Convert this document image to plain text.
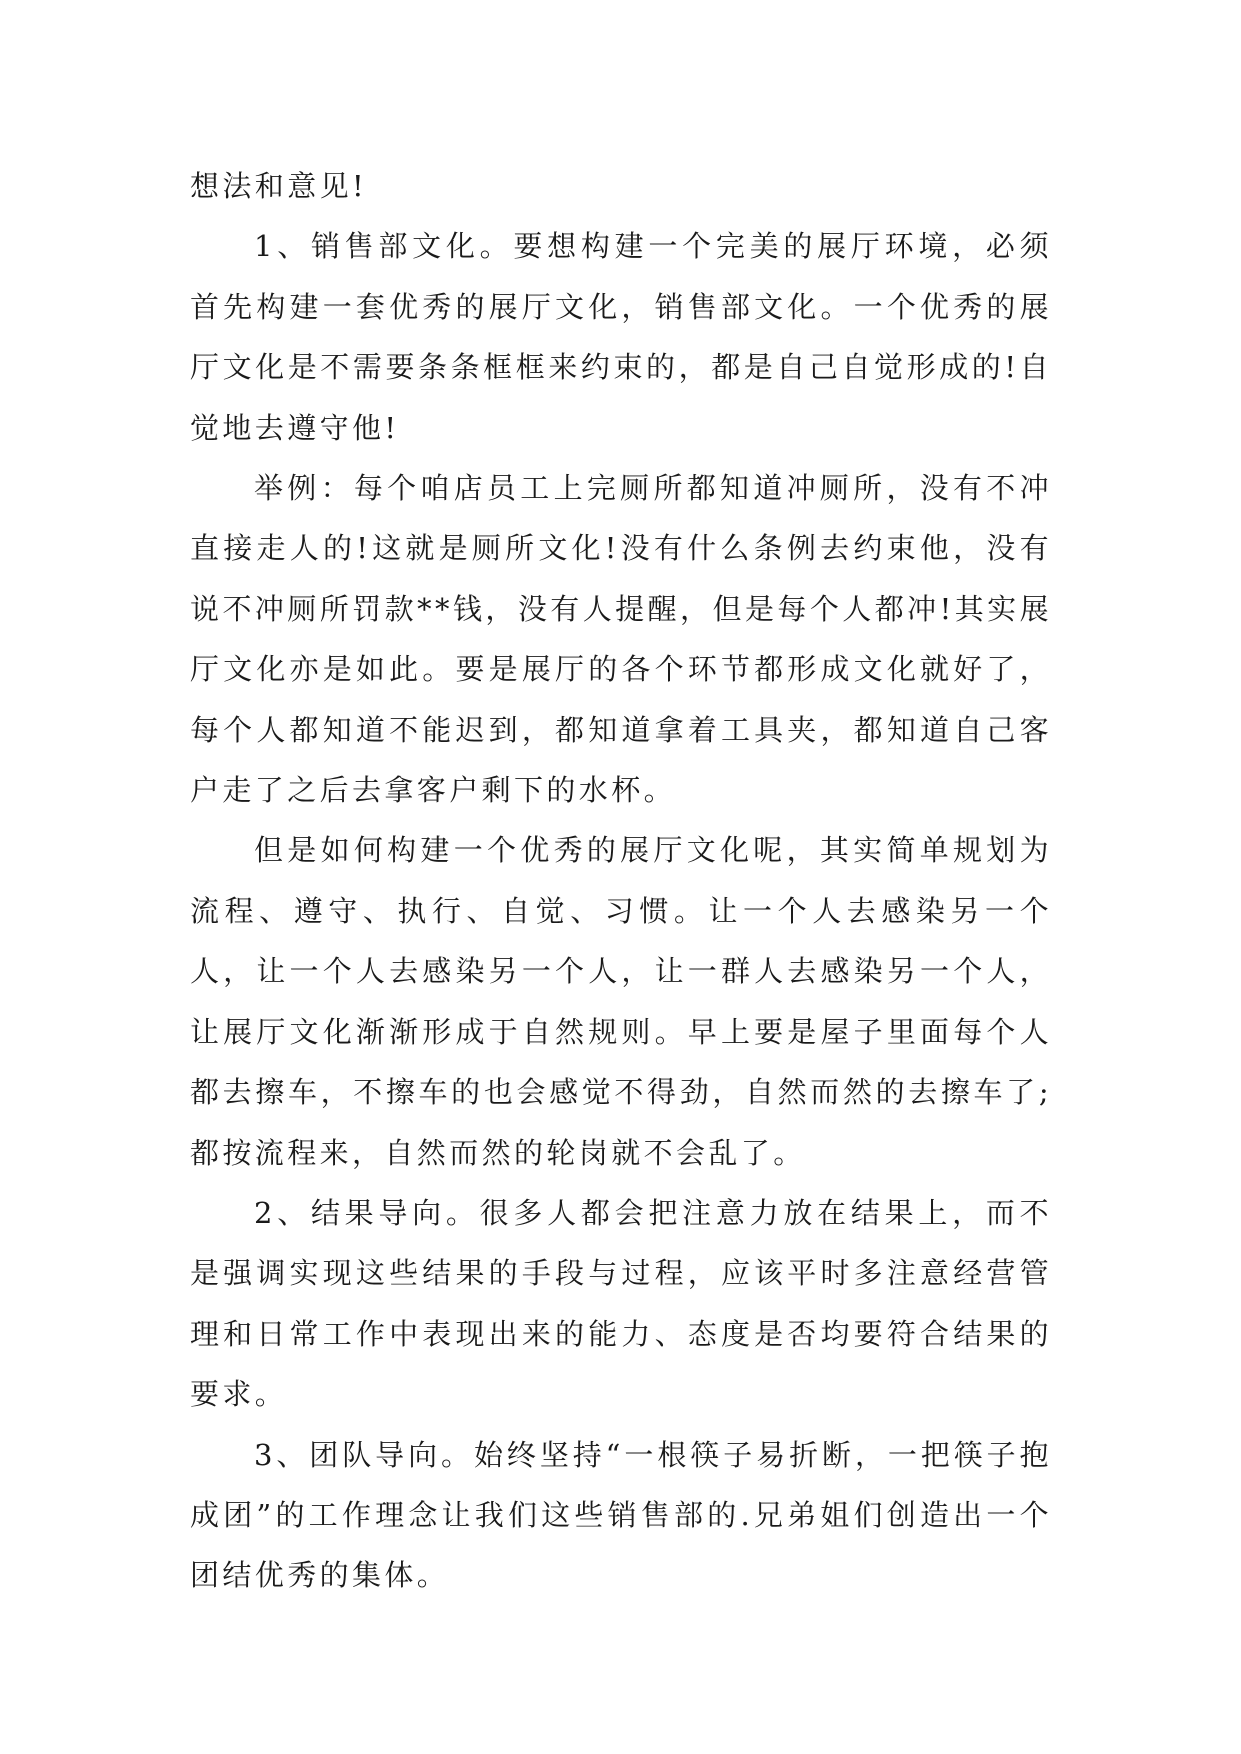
想法和意见!

1、销售部文化。要想构建一个完美的展厅环境，必须首先构建一套优秀的展厅文化，销售部文化。一个优秀的展厅文化是不需要条条框框来约束的，都是自己自觉形成的!自觉地去遵守他!

举例：每个咱店员工上完厕所都知道冲厕所，没有不冲直接走人的!这就是厕所文化!没有什么条例去约束他，没有说不冲厕所罚款**钱，没有人提醒，但是每个人都冲!其实展厅文化亦是如此。要是展厅的各个环节都形成文化就好了，每个人都知道不能迟到，都知道拿着工具夹，都知道自己客户走了之后去拿客户剩下的水杯。

但是如何构建一个优秀的展厅文化呢，其实简单规划为流程、遵守、执行、自觉、习惯。让一个人去感染另一个人，让一个人去感染另一个人，让一群人去感染另一个人，让展厅文化渐渐形成于自然规则。早上要是屋子里面每个人都去擦车，不擦车的也会感觉不得劲，自然而然的去擦车了;都按流程来，自然而然的轮岗就不会乱了。

2、结果导向。很多人都会把注意力放在结果上，而不是强调实现这些结果的手段与过程，应该平时多注意经营管理和日常工作中表现出来的能力、态度是否均要符合结果的要求。

3、团队导向。始终坚持“一根筷子易折断，一把筷子抱成团”的工作理念让我们这些销售部的.兄弟姐们创造出一个团结优秀的集体。
